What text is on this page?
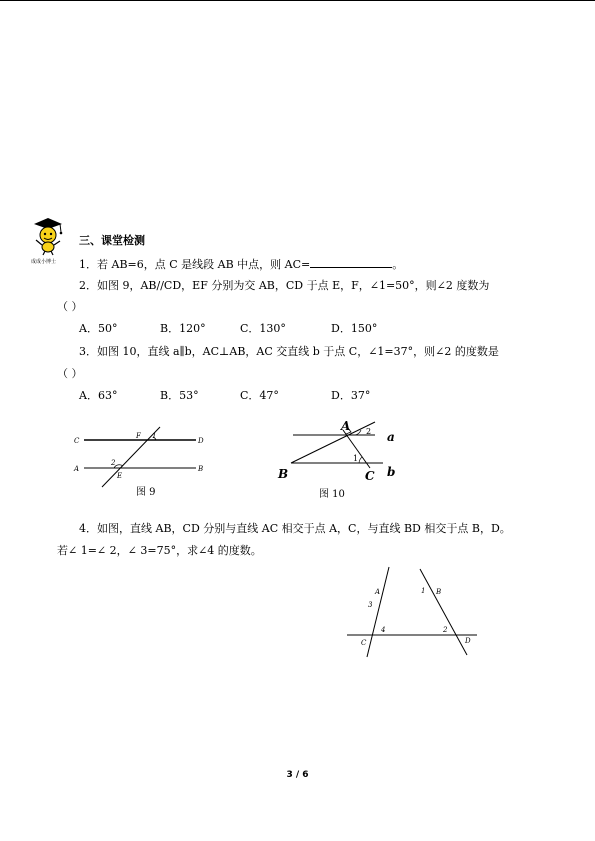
成成小博士
三、课堂检测
1．若 AB=6，点 C 是线段 AB 中点，则 AC=	。
2．如图 9，AB//CD，EF 分别为交 AB，CD 于点 E，F，∠1=50°，则∠2 度数为
（ ）
A．50°	B．120°	C．130°	D．150°
3．如图 10，直线 a∥b，AC⊥AB，AC 交直线 b 于点 C，∠1=37°，则∠2 的度数是
（ ）
A．63°	B．53°	C．47°	D．37°
C	D
A	B
F
E
1
2
图 9
A
a
B	C b
1
2
图 10
4．如图，直线 AB，CD 分别与直线 AC 相交于点 A，C，与直线 BD 相交于点 B，D。
若∠ 1=∠ 2，∠ 3=75°，求∠4 的度数。
A
3
4
C
1 B
2
D
3 / 6
